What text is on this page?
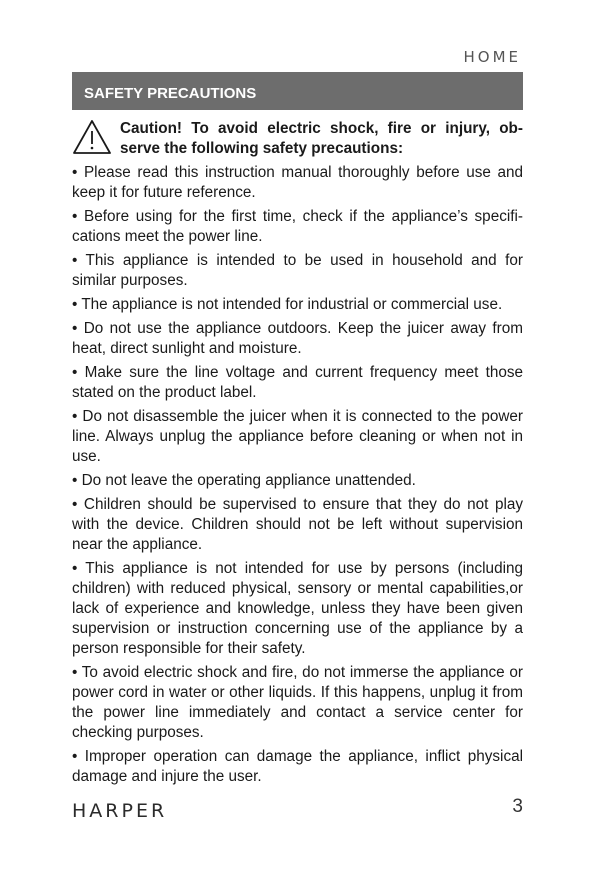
HOME
SAFETY PRECAUTIONS
Caution! To avoid electric shock, fire or injury, ob- serve the following safety precautions:
• Please read this instruction manual thoroughly before use and keep it for future reference.
• Before using for the first time, check if the appliance’s specifi- cations meet the power line.
• This appliance is intended to be used in household and for similar purposes.
• The appliance is not intended for industrial or commercial use.
• Do not use the appliance outdoors. Keep the juicer away from heat, direct sunlight and moisture.
• Make sure the line voltage and current frequency meet those stated on the product label.
• Do not disassemble the juicer when it is connected to the power line. Always unplug the appliance before cleaning or when not in use.
• Do not leave the operating appliance unattended.
• Children should be supervised to ensure that they do not play with the device. Children should not be left without supervision near the appliance.
• This appliance is not intended for use by persons (including children) with reduced physical, sensory or mental capabilities,or lack of experience and knowledge, unless they have been given supervision or instruction concerning use of the appliance by a person responsible for their safety.
• To avoid electric shock and fire, do not immerse the appliance or power cord in water or other liquids. If this happens, unplug it from the power line immediately and contact a service center for checking purposes.
• Improper operation can damage the appliance, inflict physical damage and injure the user.
HARPER	3
